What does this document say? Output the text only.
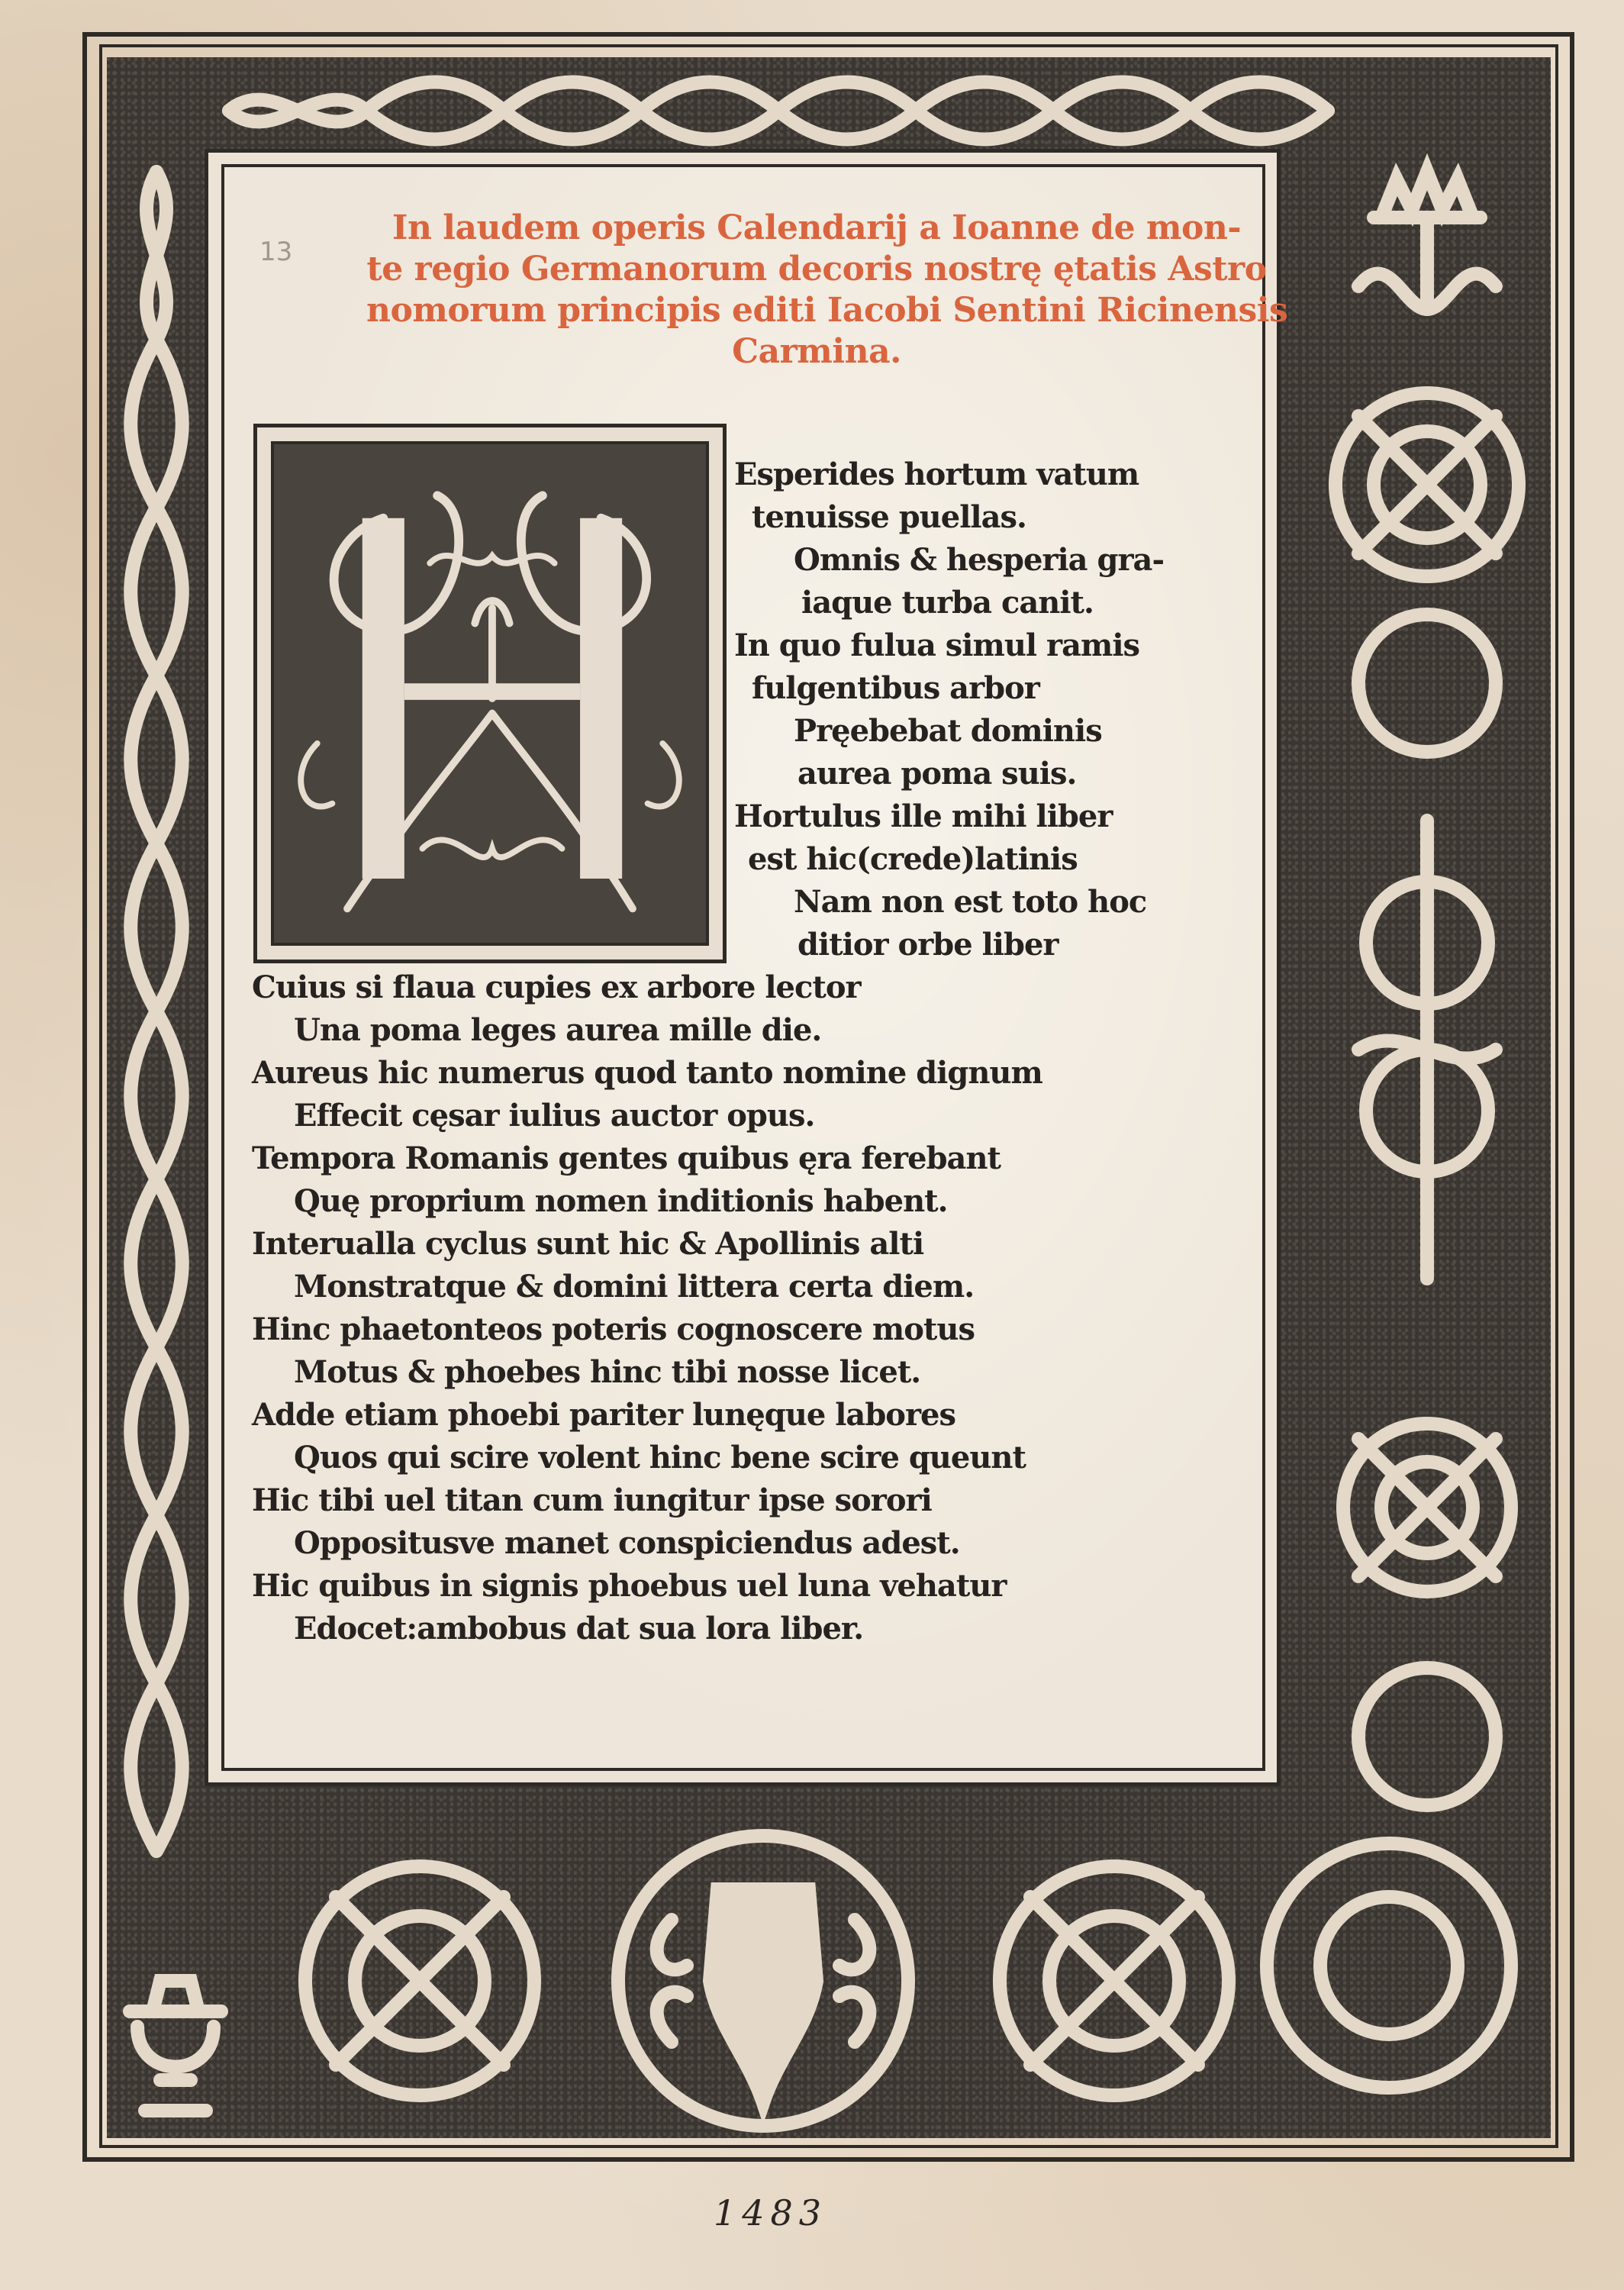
13
In laudem operis Calendarij a Ioanne de mon-
te regio Germanorum decoris nostrę ętatis Astro
nomorum principis editi Iacobi Sentini Ricinensis
Carmina.
Esperides hortum vatum
tenuisse puellas.
Omnis & hesperia gra-
iaque turba canit.
In quo fulua simul ramis
fulgentibus arbor
Pręebebat dominis
aurea poma suis.
Hortulus ille mihi liber
est hic(crede)latinis
Nam non est toto hoc
ditior orbe liber
Cuius si flaua cupies ex arbore lector
Una poma leges aurea mille die.
Aureus hic numerus quod tanto nomine dignum
Effecit cęsar iulius auctor opus.
Tempora Romanis gentes quibus ęra ferebant
Quę proprium nomen inditionis habent.
Interualla cyclus sunt hic & Apollinis alti
Monstratque & domini littera certa diem.
Hinc phaetonteos poteris cognoscere motus
Motus & phoebes hinc tibi nosse licet.
Adde etiam phoebi pariter lunęque labores
Quos qui scire volent hinc bene scire queunt
Hic tibi uel titan cum iungitur ipse sorori
Oppositusve manet conspiciendus adest.
Hic quibus in signis phoebus uel luna vehatur
Edocet:ambobus dat sua lora liber.
1483
